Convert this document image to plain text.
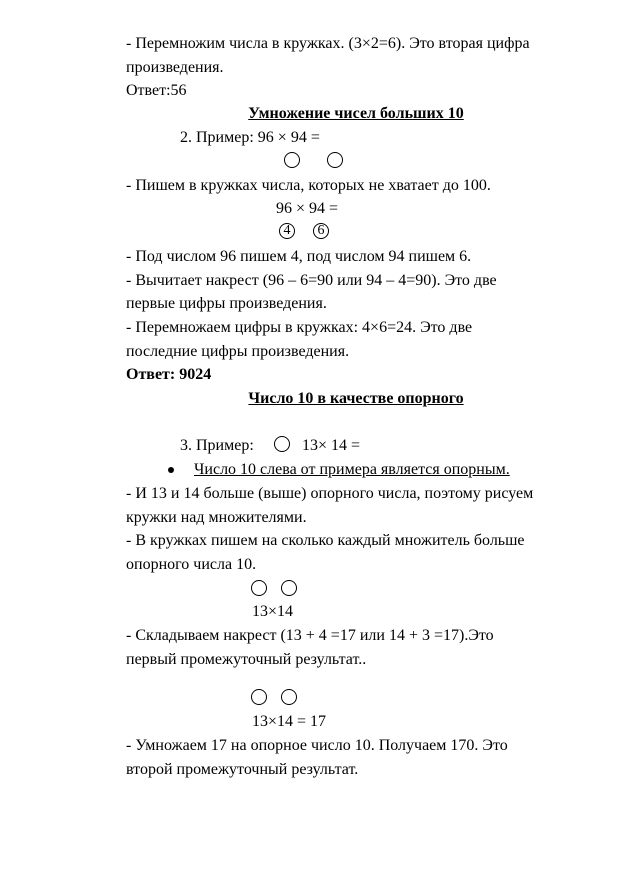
- Перемножим числа в кружках. (3×2=6). Это вторая цифра
произведения.
Ответ:56
Умножение чисел больших 10
2. Пример: 96 × 94 =
- Пишем в кружках числа, которых не хватает до 100.
96 × 94 =
4	6
- Под числом 96 пишем 4, под числом 94 пишем 6.
- Вычитает накрест (96 – 6=90 или 94 – 4=90). Это две
первые цифры произведения.
- Перемножаем цифры в кружках: 4×6=24. Это две
последние цифры произведения.
Ответ: 9024
Число 10 в качестве опорного
3. Пример:	13× 14 =
Число 10 слева от примера является опорным.
- И 13 и 14 больше (выше) опорного числа, поэтому рисуем
кружки над множителями.
- В кружках пишем на сколько каждый множитель больше
опорного числа 10.
13×14
- Складываем накрест (13 + 4 =17 или 14 + 3 =17).Это
первый промежуточный результат..
13×14 = 17
- Умножаем 17 на опорное число 10. Получаем 170. Это
второй промежуточный результат.
